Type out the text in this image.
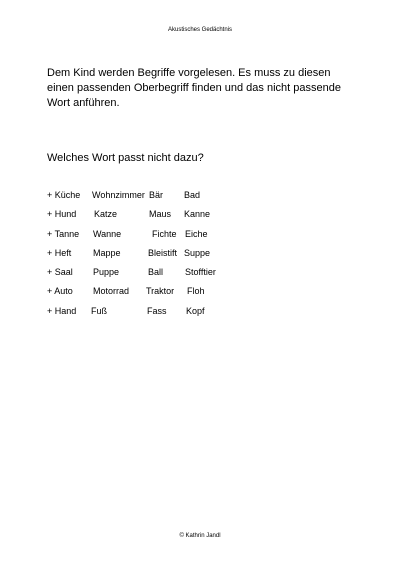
Akustisches Gedächtnis

Dem Kind werden Begriffe vorgelesen. Es muss zu diesen
einen passenden Oberbegriff finden und das nicht passende
Wort anführen.

Welches Wort passt nicht dazu?

+ Küche Wohnzimmer Bär Bad
+ Hund Katze	Maus Kanne
+ Tanne Wanne	Fichte Eiche
+ Heft Mappe	Bleistift Suppe
+ Saal Puppe	Ball Stofftier
+ Auto Motorrad Traktor Floh
+ Hand Fuß	Fass Kopf
© Kathrin Jandl
